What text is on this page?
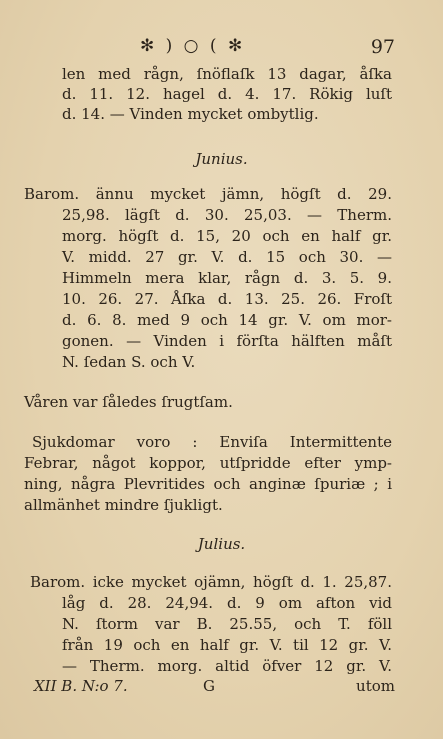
✻ ) ○ ( ✻	97
len med rågn, ſnöflaſk 13 dagar, åſka
d. 11. 12. hagel d. 4. 17. Rökig luſt
d. 14. — Vinden mycket ombytlig.
Junius.
Barom. ännu mycket jämn, högſt d. 29.
25,98. lägſt d. 30. 25,03. — Therm.
morg. högſt d. 15, 20 och en half gr.
V. midd. 27 gr. V. d. 15 och 30. —
Himmeln mera klar, rågn d. 3. 5. 9.
10. 26. 27. Åſka d. 13. 25. 26. Froſt
d. 6. 8. med 9 och 14 gr. V. om mor-
gonen. — Vinden i förſta hälften måſt
N. ſedan S. och V.
Våren var ſåledes ſrugtſam.
Sjukdomar voro : Enviſa Intermittente
Febrar, något koppor, utſpridde efter ymp-
ning, några Plevritides och anginæ ſpuriæ ; i
allmänhet mindre ſjukligt.
Julius.
Barom. icke mycket ojämn, högſt d. 1. 25,87.
låg d. 28. 24,94. d. 9 om afton vid
N. ſtorm var B. 25.55, och T. föll
från 19 och en half gr. V. til 12 gr. V.
— Therm. morg. altid öfver 12 gr. V.
XII B. N:o 7.	G	utom
